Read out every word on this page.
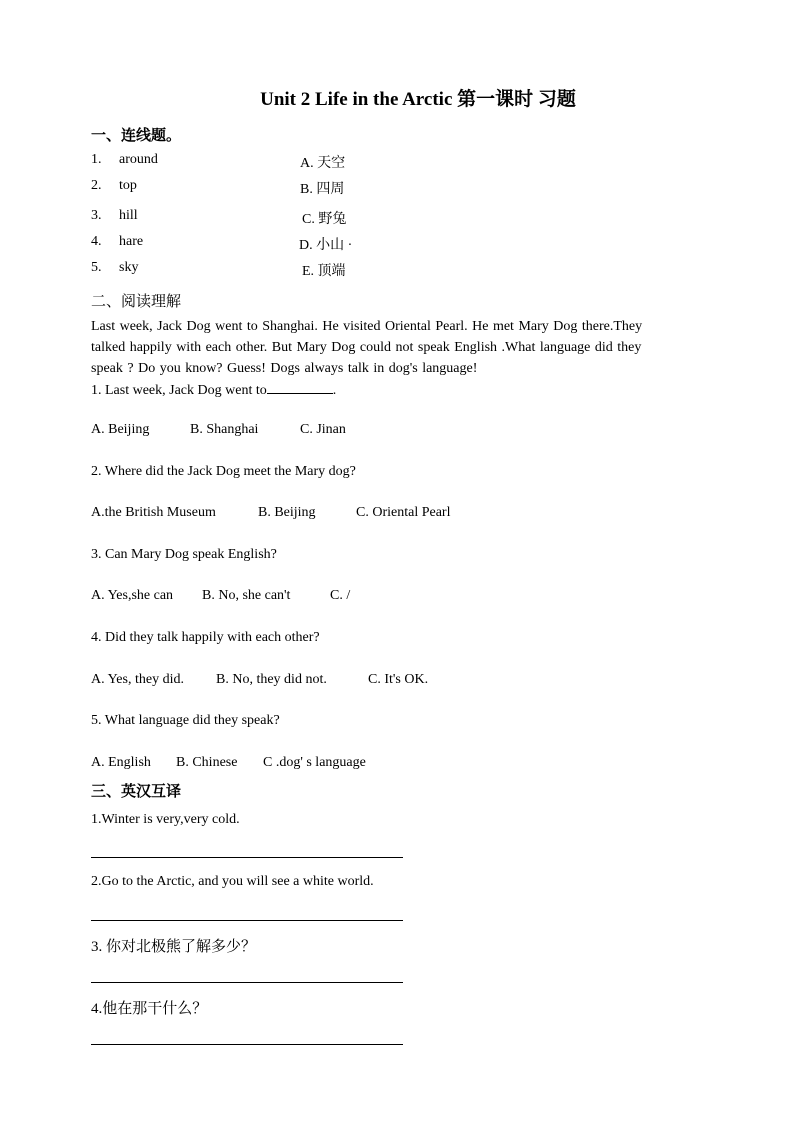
Unit 2 Life in the Arctic 第一课时 习题
一、连线题。
1. around	A. 天空
2. top	B. 四周
3. hill	C. 野兔
4. hare	D. 小山 ·
5. sky	E. 顶端
二、阅读理解
Last week, Jack Dog went to Shanghai. He visited Oriental Pearl. He met Mary Dog there.They talked happily with each other. But Mary Dog could not speak English .What language did they speak ? Do you know? Guess! Dogs always talk in dog's language!
1. Last week, Jack Dog went to	.
A. Beijing	B. Shanghai	C. Jinan
2. Where did the Jack Dog meet the Mary dog?
A.the British Museum	B. Beijing	C. Oriental Pearl
3. Can Mary Dog speak English?
A. Yes,she can B. No, she can't	C. /
4. Did they talk happily with each other?
A. Yes, they did. B. No, they did not.	C. It's OK.
5. What language did they speak?
A. English B. Chinese C .dog' s language
三、英汉互译
1.Winter is very,very cold.
2.Go to the Arctic, and you will see a white world.
3. 你对北极熊了解多少？
4.他在那干什么？
